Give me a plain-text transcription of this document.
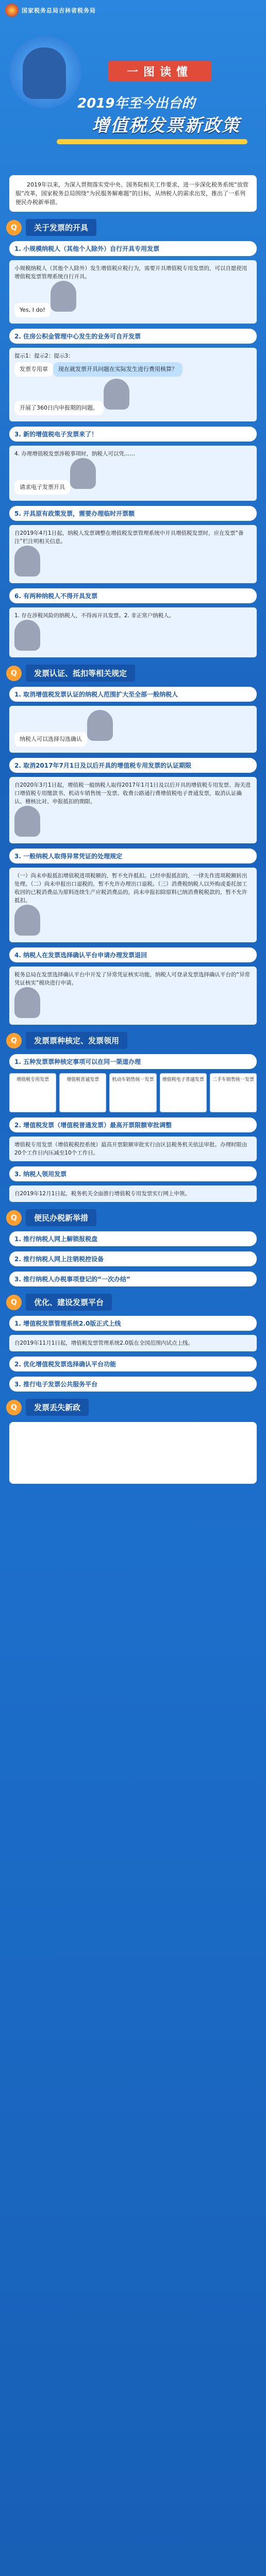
国家税务总局吉林省税务局
一图读懂
2019年至今出台的
增值税发票新政策
2019年以来，为深入贯彻落实党中央、国务院相关工作要求，进一步深化税务系统“放管服”改革，国家税务总局围绕“为民服务解难题”的目标，从纳税人的需求出发，推出了一系列便民办税新举措。
Q	关于发票的开具
1. 小规模纳税人（其他个人除外）自行开具专用发票
小规模纳税人（其他个人除外）发生增值税应税行为，需要开具增值税专用发票的，可以自愿使用增值税发票管理系统自行开具。
Yes, I do!
2. 住房公积金管理中心发生的业务可自开发票
提示1：提示2：提示3：
发票专用章 现在就发票开具问题在实际发生进行费用核算？开展了360日内申报期的问题。
3. 新的增值税电子发票来了！
4. 办理增值税发票涉税事项时，纳税人可以凭……
请求电子发票开具
5. 开具原有政策发票，需要办理临时开票额
自2019年4月1日起，纳税人发票调整在增值税发票管理系统中开具增值税发票时，应在发票“备注”栏注明相关信息。
6. 有两种纳税人不得开具发票
1. 存在涉税风险的纳税人，不得再开具发票。2. 非正常户纳税人。
Q	发票认证、抵扣等相关规定
1. 取消增值税发票认证的纳税人范围扩大至全部一般纳税人
纳税人可以选择勾选确认
2. 取消2017年7月1日及以后开具的增值税专用发票的认证期限
自2020年3月1日起，增值税一般纳税人取得2017年1月1日及以后开具的增值税专用发票、海关进口增值税专用缴款书、机动车销售统一发票、收费公路通行费增值税电子普通发票，取消认证确认、稽核比对、申报抵扣的期限。
3. 一般纳税人取得异常凭证的处理规定
（一）尚未申报抵扣增值税进项税额的，暂不允许抵扣。已经申报抵扣的，一律先作进项税额转出处理。（二）尚未申报出口退税的，暂不允许办理出口退税。（三）消费税纳税人以外购或委托加工收回的已税消费品为原料连续生产应税消费品的，尚未申报扣除原料已纳消费税税款的，暂不允许抵扣。
4. 纳税人在发票选择确认平台申请办理发票退回
税务总局在发票选择确认平台中开发了异常凭证核实功能，纳税人可登录发票选择确认平台的“异常凭证核实”模块进行申请。
Q	发票票种核定、发票领用
1. 五种发票票种核定事项可以在同一渠道办理
增值税专用发票	增值税普通发票	机动车销售统一发票	增值税电子普通发票	二手车销售统一发票
2. 增值税发票（增值税普通发票）最高开票限额审批调整
增值税专用发票（增值税税控系统）最高开票限额审批实行由区县税务机关依法审批。办理时限由20个工作日内压减至10个工作日。
3. 纳税人领用发票
自2019年12月1日起，税务机关全面推行增值税专用发票实行网上申领。
Q	便民办税新举措
1. 推行纳税人网上解锁报税盘
2. 推行纳税人网上注销税控设备
3. 推行纳税人办税事项登记的“一次办结”
Q	优化、建设发票平台
1. 增值税发票管理系统2.0版正式上线
自2019年11月1日起，增值税发票管理系统2.0版在全国范围内试点上线。
2. 优化增值税发票选择确认平台功能
3. 推行电子发票公共服务平台
Q	发票丢失新政
